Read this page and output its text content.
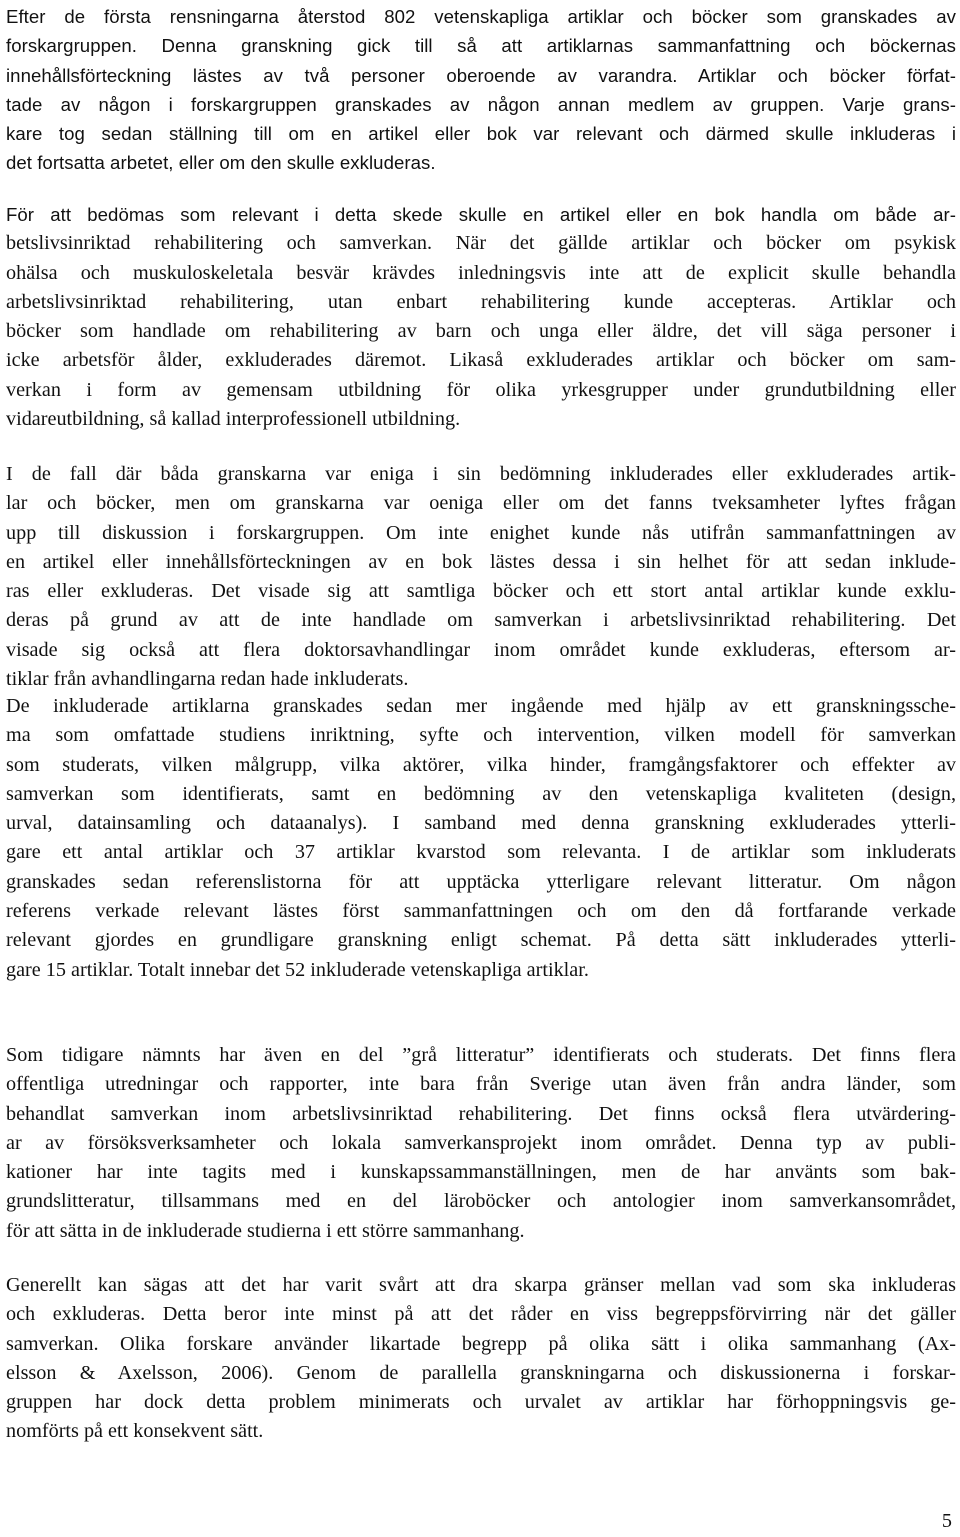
Efter de första rensningarna återstod 802 vetenskapliga artiklar och böcker som granskades av
forskargruppen. Denna granskning gick till så att artiklarnas sammanfattning och böckernas
innehållsförteckning lästes av två personer oberoende av varandra. Artiklar och böcker förfat-
tade av någon i forskargruppen granskades av någon annan medlem av gruppen. Varje grans-
kare tog sedan ställning till om en artikel eller bok var relevant och därmed skulle inkluderas i
det fortsatta arbetet, eller om den skulle exkluderas.
För att bedömas som relevant i detta skede skulle en artikel eller en bok handla om både ar-
betslivsinriktad rehabilitering och samverkan. När det gällde artiklar och böcker om psykisk
ohälsa och muskuloskeletala besvär krävdes inledningsvis inte att de explicit skulle behandla
arbetslivsinriktad rehabilitering, utan enbart rehabilitering kunde accepteras. Artiklar och
böcker som handlade om rehabilitering av barn och unga eller äldre, det vill säga personer i
icke arbetsför ålder, exkluderades däremot. Likaså exkluderades artiklar och böcker om sam-
verkan i form av gemensam utbildning för olika yrkesgrupper under grundutbildning eller
vidareutbildning, så kallad interprofessionell utbildning.
I de fall där båda granskarna var eniga i sin bedömning inkluderades eller exkluderades artik-
lar och böcker, men om granskarna var oeniga eller om det fanns tveksamheter lyftes frågan
upp till diskussion i forskargruppen. Om inte enighet kunde nås utifrån sammanfattningen av
en artikel eller innehållsförteckningen av en bok lästes dessa i sin helhet för att sedan inklude-
ras eller exkluderas. Det visade sig att samtliga böcker och ett stort antal artiklar kunde exklu-
deras på grund av att de inte handlade om samverkan i arbetslivsinriktad rehabilitering. Det
visade sig också att flera doktorsavhandlingar inom området kunde exkluderas, eftersom ar-
tiklar från avhandlingarna redan hade inkluderats.
De inkluderade artiklarna granskades sedan mer ingående med hjälp av ett granskningssche-
ma som omfattade studiens inriktning, syfte och intervention, vilken modell för samverkan
som studerats, vilken målgrupp, vilka aktörer, vilka hinder, framgångsfaktorer och effekter av
samverkan som identifierats, samt en bedömning av den vetenskapliga kvaliteten (design,
urval, datainsamling och dataanalys). I samband med denna granskning exkluderades ytterli-
gare ett antal artiklar och 37 artiklar kvarstod som relevanta. I de artiklar som inkluderats
granskades sedan referenslistorna för att upptäcka ytterligare relevant litteratur. Om någon
referens verkade relevant lästes först sammanfattningen och om den då fortfarande verkade
relevant gjordes en grundligare granskning enligt schemat. På detta sätt inkluderades ytterli-
gare 15 artiklar. Totalt innebar det 52 inkluderade vetenskapliga artiklar.
Som tidigare nämnts har även en del ”grå litteratur” identifierats och studerats. Det finns flera
offentliga utredningar och rapporter, inte bara från Sverige utan även från andra länder, som
behandlat samverkan inom arbetslivsinriktad rehabilitering. Det finns också flera utvärdering-
ar av försöksverksamheter och lokala samverkansprojekt inom området. Denna typ av publi-
kationer har inte tagits med i kunskapssammanställningen, men de har använts som bak-
grundslitteratur, tillsammans med en del läroböcker och antologier inom samverkansområdet,
för att sätta in de inkluderade studierna i ett större sammanhang.
Generellt kan sägas att det har varit svårt att dra skarpa gränser mellan vad som ska inkluderas
och exkluderas. Detta beror inte minst på att det råder en viss begreppsförvirring när det gäller
samverkan. Olika forskare använder likartade begrepp på olika sätt i olika sammanhang (Ax-
elsson & Axelsson, 2006). Genom de parallella granskningarna och diskussionerna i forskar-
gruppen har dock detta problem minimerats och urvalet av artiklar har förhoppningsvis ge-
nomförts på ett konsekvent sätt.
5
